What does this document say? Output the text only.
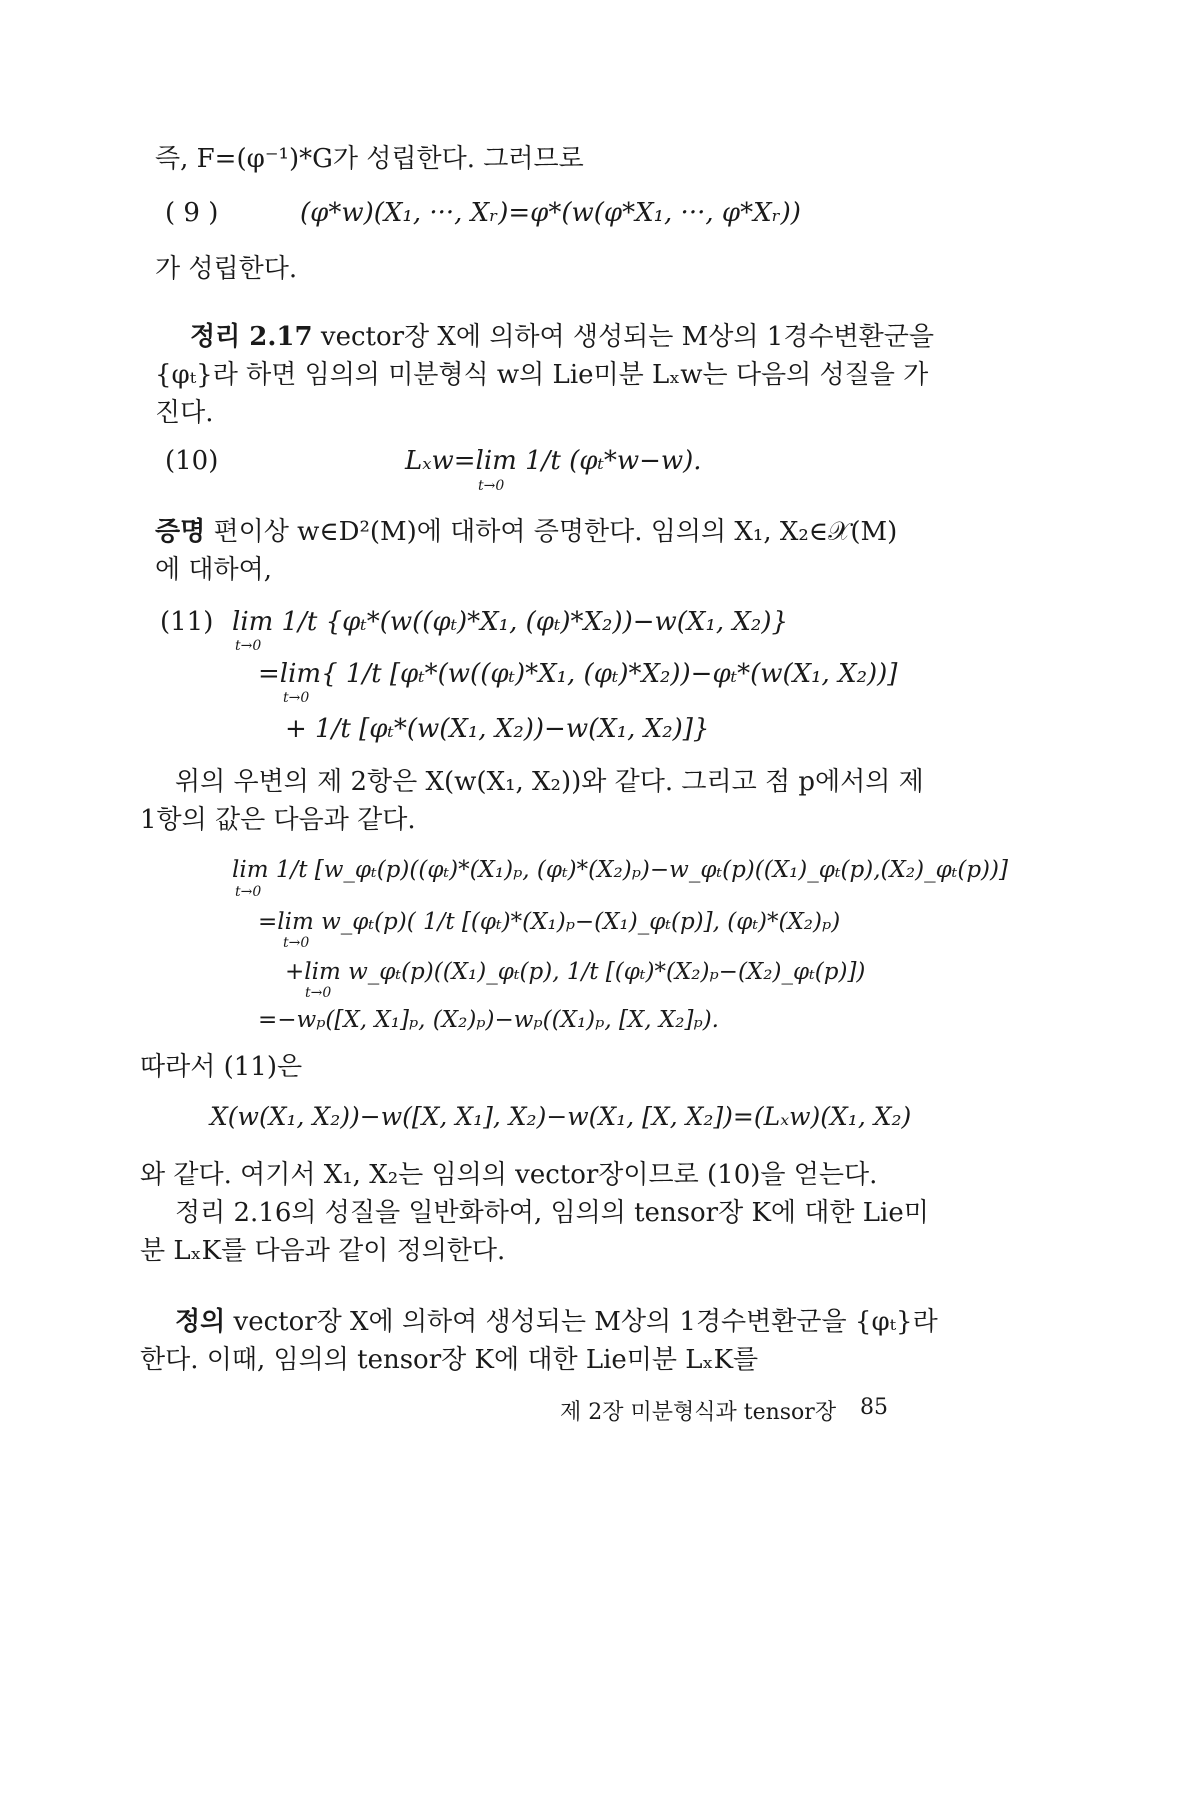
즉, F=(φ⁻¹)*G가 성립한다. 그러므로
( 9 )	(φ*w)(X₁, ···, Xᵣ)=φ*(w(φ*X₁, ···, φ*Xᵣ))
가 성립한다.
정리 2.17 vector장 X에 의하여 생성되는 M상의 1경수변환군을
{φₜ}라 하면 임의의 미분형식 w의 Lie미분 Lₓw는 다음의 성질을 가
진다.
(10)	Lₓw=lim 1/t (φₜ*w−w).
t→0
증명 편이상 w∈D²(M)에 대하여 증명한다. 임의의 X₁, X₂∈𝒳(M)
에 대하여,
(11) lim 1/t {φₜ*(w((φₜ)*X₁, (φₜ)*X₂))−w(X₁, X₂)}
t→0
=lim{ 1/t [φₜ*(w((φₜ)*X₁, (φₜ)*X₂))−φₜ*(w(X₁, X₂))]
t→0
+ 1/t [φₜ*(w(X₁, X₂))−w(X₁, X₂)]}
위의 우변의 제 2항은 X(w(X₁, X₂))와 같다. 그리고 점 p에서의 제
1항의 값은 다음과 같다.
lim 1/t [w_φₜ(p)((φₜ)*(X₁)ₚ, (φₜ)*(X₂)ₚ)−w_φₜ(p)((X₁)_φₜ(p),(X₂)_φₜ(p))]
t→0
=lim w_φₜ(p)( 1/t [(φₜ)*(X₁)ₚ−(X₁)_φₜ(p)], (φₜ)*(X₂)ₚ)
t→0
+lim w_φₜ(p)((X₁)_φₜ(p), 1/t [(φₜ)*(X₂)ₚ−(X₂)_φₜ(p)])
t→0
=−wₚ([X, X₁]ₚ, (X₂)ₚ)−wₚ((X₁)ₚ, [X, X₂]ₚ).
따라서 (11)은
X(w(X₁, X₂))−w([X, X₁], X₂)−w(X₁, [X, X₂])=(Lₓw)(X₁, X₂)
와 같다. 여기서 X₁, X₂는 임의의 vector장이므로 (10)을 얻는다.
정리 2.16의 성질을 일반화하여, 임의의 tensor장 K에 대한 Lie미
분 LₓK를 다음과 같이 정의한다.
정의 vector장 X에 의하여 생성되는 M상의 1경수변환군을 {φₜ}라
한다. 이때, 임의의 tensor장 K에 대한 Lie미분 LₓK를
제 2장 미분형식과 tensor장 85
